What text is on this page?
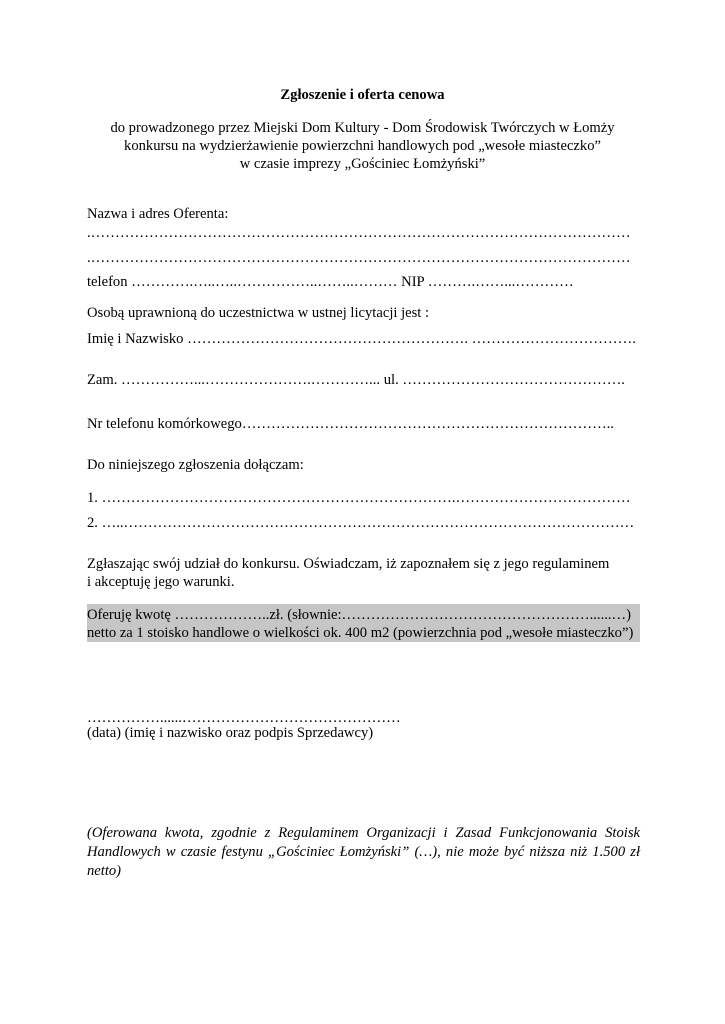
Zgłoszenie i oferta cenowa
do prowadzonego przez Miejski Dom Kultury - Dom Środowisk Twórczych w Łomży
konkursu na wydzierżawienie powierzchni handlowych pod „wesołe miasteczko”
w czasie imprezy „Gościniec Łomżyński”
Nazwa i adres Oferenta:
.…………………………………………………………………………………………………
.…………………………………………………………………………………………………
telefon ………….…..…..……………..……..……… NIP ……….……...…………
Osobą uprawnioną do uczestnictwa w ustnej licytacji jest :
Imię i Nazwisko …………………………………………………. …………………………….
Zam. ……………...………………….…………... ul. ……………………………………….
Nr telefonu komórkowego…………………………………………………………………..
Do niniejszego zgłoszenia dołączam:
1. ……………………………………………………………….………………………………
2. …..……………………………………………………………………………………………
Zgłaszając swój udział do konkursu. Oświadczam, iż zapoznałem się z jego regulaminem
i akceptuję jego warunki.
Oferuję kwotę ………………..zł. (słownie:……………………………………………......…)
netto za 1 stoisko handlowe o wielkości ok. 400 m2 (powierzchnia pod „wesołe miasteczko”)
……………......………………………………………
(data) (imię i nazwisko oraz podpis Sprzedawcy)
(Oferowana kwota, zgodnie z Regulaminem Organizacji i Zasad Funkcjonowania Stoisk Handlowych w czasie festynu „Gościniec Łomżyński” (…), nie może być niższa niż 1.500 zł netto)
